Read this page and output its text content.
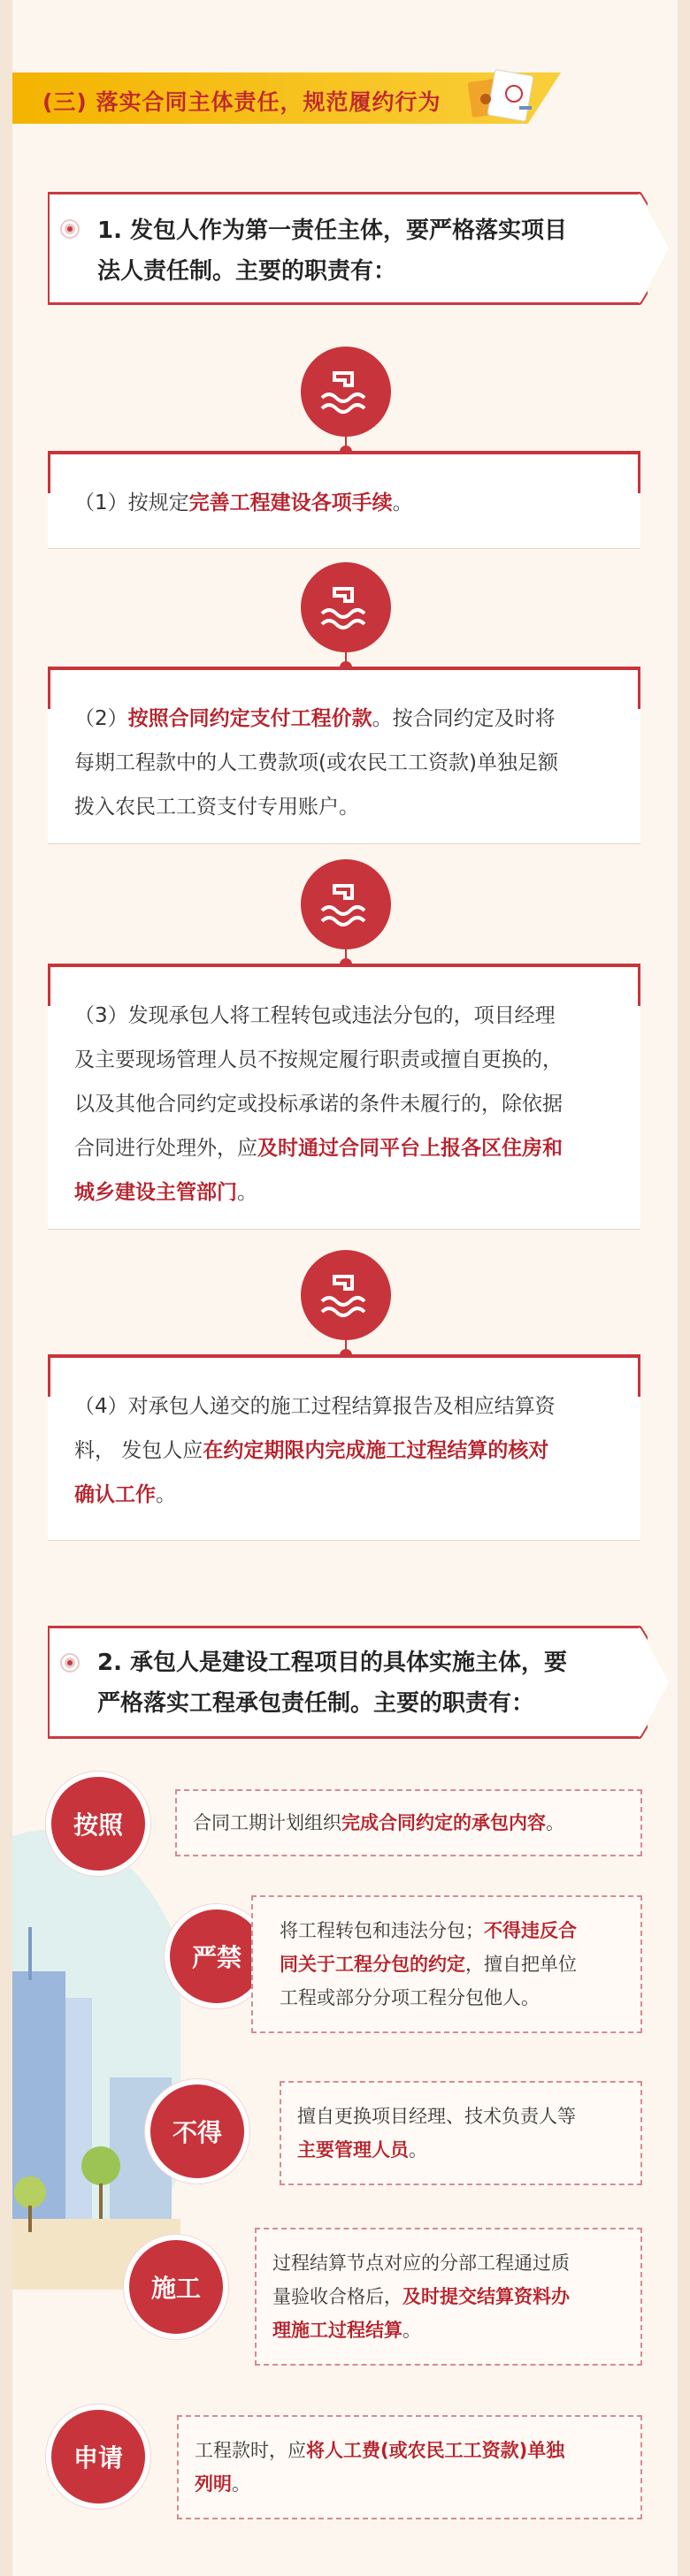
(三) 落实合同主体责任，规范履约行为
1. 发包人作为第一责任主体，要严格落实项目
法人责任制。主要的职责有：
（1）按规定完善工程建设各项手续。
（2）按照合同约定支付工程价款。按合同约定及时将
每期工程款中的人工费款项(或农民工工资款)单独足额
拨入农民工工资支付专用账户。
（3）发现承包人将工程转包或违法分包的，项目经理
及主要现场管理人员不按规定履行职责或擅自更换的，
以及其他合同约定或投标承诺的条件未履行的，除依据
合同进行处理外，应及时通过合同平台上报各区住房和
城乡建设主管部门。
（4）对承包人递交的施工过程结算报告及相应结算资
料， 发包人应在约定期限内完成施工过程结算的核对
确认工作。
2. 承包人是建设工程项目的具体实施主体，要
严格落实工程承包责任制。主要的职责有：
按照	合同工期计划组织完成合同约定的承包内容。
严禁
将工程转包和违法分包；不得违反合
同关于工程分包的约定，擅自把单位
工程或部分分项工程分包他人。
不得
擅自更换项目经理、技术负责人等
主要管理人员。
施工
过程结算节点对应的分部工程通过质
量验收合格后，及时提交结算资料办
理施工过程结算。
申请	工程款时，应将人工费(或农民工工资款)单独
列明。
